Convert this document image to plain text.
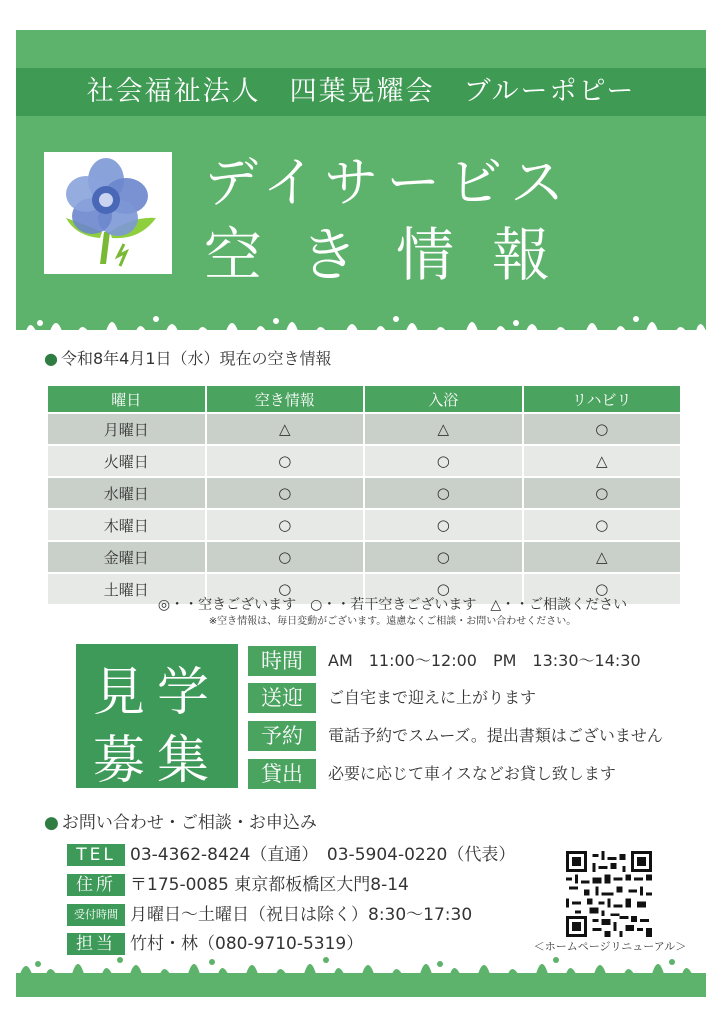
社会福祉法人　四葉晃耀会　ブルーポピー
デイサービス
空き情報
● 令和8年4月1日（水）現在の空き情報
曜日	空き情報	入浴	リハビリ
月曜日	△	△	○
火曜日	○	○	△
水曜日	○	○	○
木曜日	○	○	○
金曜日	○	○	△
土曜日	○	○	○
◎・・空きございます　○・・若干空きございます　△・・ご相談ください
※空き情報は、毎日変動がございます。遠慮なくご相談・お問い合わせください。
見学
募集
時間	AM　11:00〜12:00　PM　13:30〜14:30
送迎	ご自宅まで迎えに上がります
予約	電話予約でスムーズ。提出書類はございません
貸出	必要に応じて車イスなどお貸し致します
● お問い合わせ・ご相談・お申込み
TEL 03-4362-8424（直通）　03-5904-0220（代表）
住所 〒175-0085 東京都板橋区大門8-14
受付時間 月曜日〜土曜日（祝日は除く）8:30〜17:30
担当 竹村・林（080-9710-5319）	＜ホームページリニューアル＞
